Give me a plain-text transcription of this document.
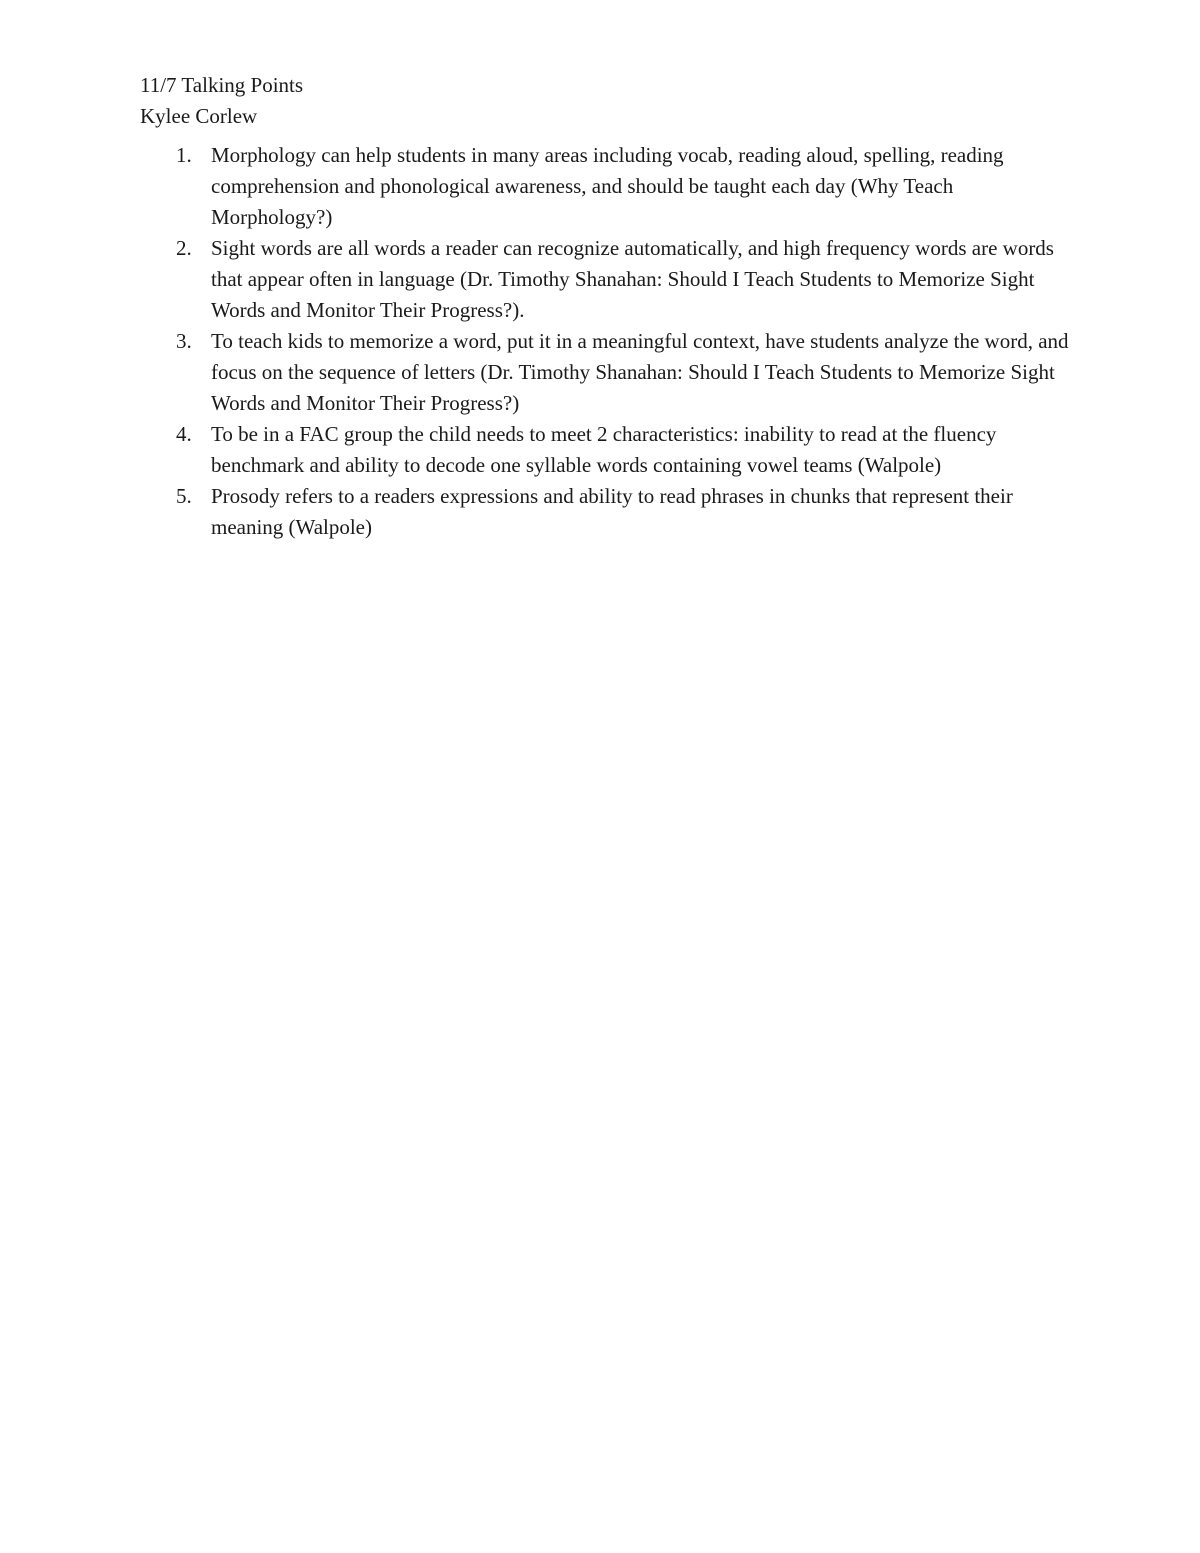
11/7 Talking Points

Kylee Corlew

1. Morphology can help students in many areas including vocab, reading aloud, spelling, reading comprehension and phonological awareness, and should be taught each day (Why Teach Morphology?)
2. Sight words are all words a reader can recognize automatically, and high frequency words are words that appear often in language (Dr. Timothy Shanahan: Should I Teach Students to Memorize Sight Words and Monitor Their Progress?).
3. To teach kids to memorize a word, put it in a meaningful context, have students analyze the word, and focus on the sequence of letters (Dr. Timothy Shanahan: Should I Teach Students to Memorize Sight Words and Monitor Their Progress?)
4. To be in a FAC group the child needs to meet 2 characteristics: inability to read at the fluency benchmark and ability to decode one syllable words containing vowel teams (Walpole)
5. Prosody refers to a readers expressions and ability to read phrases in chunks that represent their meaning (Walpole)
